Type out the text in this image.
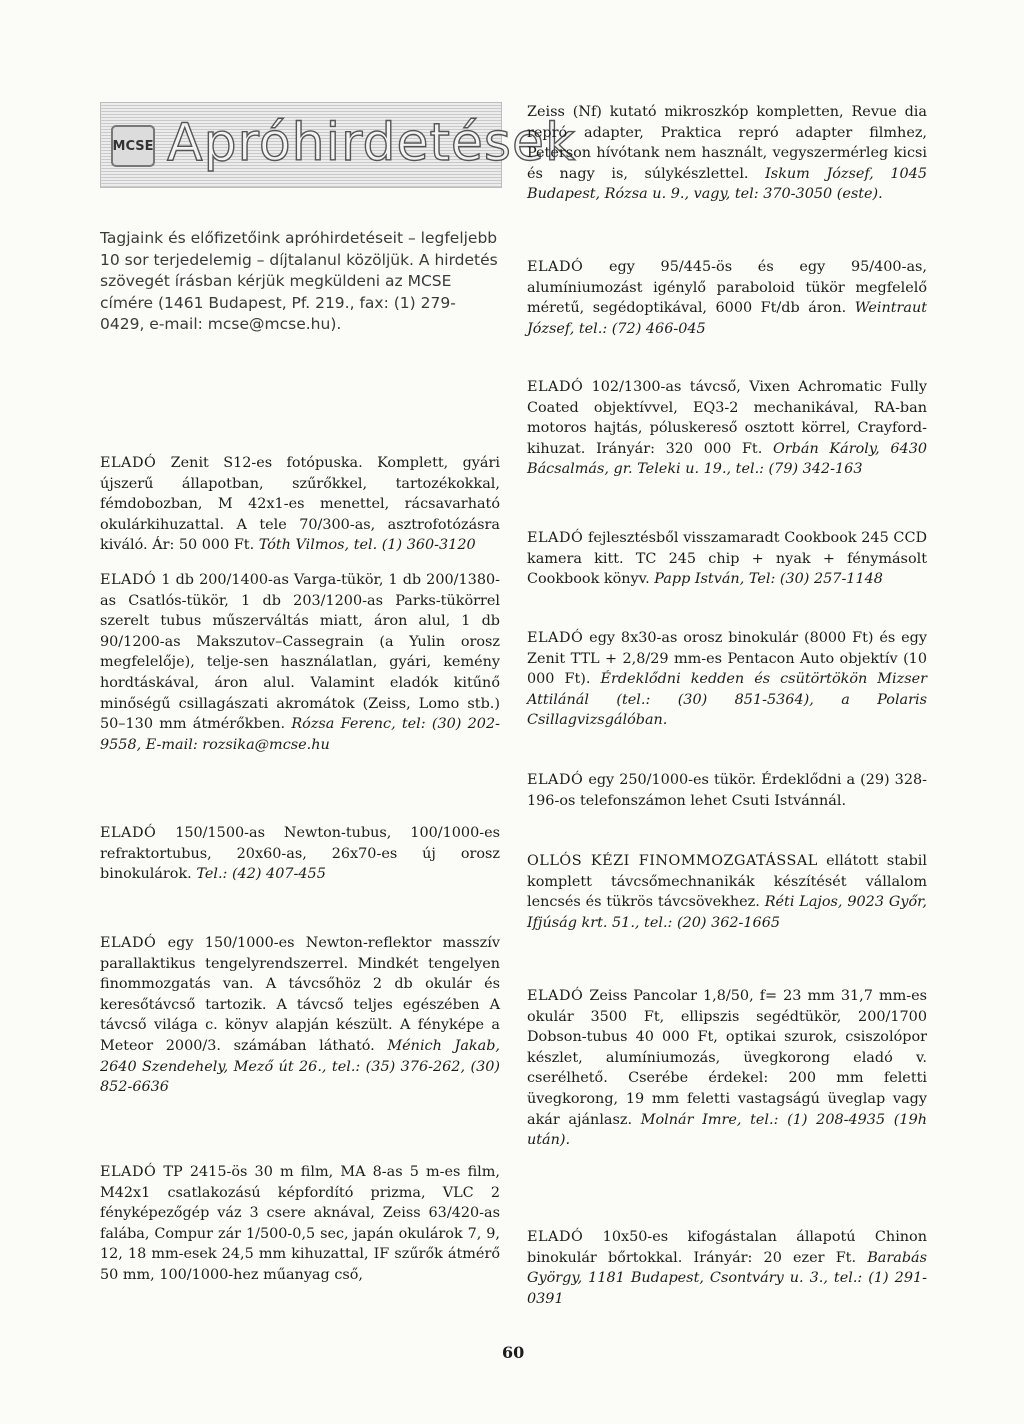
MCSE Apróhirdetések

Tagjaink és előfizetőink apróhirdetéseit – legfeljebb 10 sor terjedelemig – díjtalanul közöljük. A hirdetés szövegét írásban kérjük megküldeni az MCSE címére (1461 Budapest, Pf. 219., fax: (1) 279-0429, e-mail: mcse@mcse.hu).

ELADÓ Zenit S12-es fotópuska. Komplett, gyári újszerű állapotban, szűrőkkel, tartozékokkal, fémdobozban, M 42x1-es menettel, rácsavarható okulárkihuzattal. A tele 70/300-as, asztrofotózásra kiváló. Ár: 50 000 Ft. Tóth Vilmos, tel. (1) 360-3120

ELADÓ 1 db 200/1400-as Varga-tükör, 1 db 200/1380-as Csatlós-tükör, 1 db 203/1200-as Parks-tükörrel szerelt tubus műszerváltás miatt, áron alul, 1 db 90/1200-as Makszutov–Cassegrain (a Yulin orosz megfelelője), telje-sen használatlan, gyári, kemény hordtáskával, áron alul. Valamint eladók kitűnő minőségű csillagászati akromátok (Zeiss, Lomo stb.) 50–130 mm átmérőkben. Rózsa Ferenc, tel: (30) 202-9558, E-mail: rozsika@mcse.hu

ELADÓ 150/1500-as Newton-tubus, 100/1000-es refraktortubus, 20x60-as, 26x70-es új orosz binokulárok. Tel.: (42) 407-455

ELADÓ egy 150/1000-es Newton-reflektor masszív parallaktikus tengelyrendszerrel. Mindkét tengelyen finommozgatás van. A távcsőhöz 2 db okulár és keresőtávcső tartozik. A távcső teljes egészében A távcső világa c. könyv alapján készült. A fényképe a Meteor 2000/3. számában látható. Ménich Jakab, 2640 Szendehely, Mező út 26., tel.: (35) 376-262, (30) 852-6636

ELADÓ TP 2415-ös 30 m film, MA 8-as 5 m-es film, M42x1 csatlakozású képfordító prizma, VLC 2 fényképezőgép váz 3 csere aknával, Zeiss 63/420-as falába, Compur zár 1/500-0,5 sec, japán okulárok 7, 9, 12, 18 mm-esek 24,5 mm kihuzattal, IF szűrők átmérő 50 mm, 100/1000-hez műanyag cső,

Zeiss (Nf) kutató mikroszkóp kompletten, Revue dia repró adapter, Praktica repró adapter filmhez, Peterson hívótank nem használt, vegyszermérleg kicsi és nagy is, súlykészlettel. Iskum József, 1045 Budapest, Rózsa u. 9., vagy, tel: 370-3050 (este).

ELADÓ egy 95/445-ös és egy 95/400-as, alumíniumozást igénylő paraboloid tükör megfelelő méretű, segédoptikával, 6000 Ft/db áron. Weintraut József, tel.: (72) 466-045

ELADÓ 102/1300-as távcső, Vixen Achromatic Fully Coated objektívvel, EQ3-2 mechanikával, RA-ban motoros hajtás, póluskereső osztott körrel, Crayford-kihuzat. Irányár: 320 000 Ft. Orbán Károly, 6430 Bácsalmás, gr. Teleki u. 19., tel.: (79) 342-163

ELADÓ fejlesztésből visszamaradt Cookbook 245 CCD kamera kitt. TC 245 chip + nyak + fénymásolt Cookbook könyv. Papp István, Tel: (30) 257-1148

ELADÓ egy 8x30-as orosz binokulár (8000 Ft) és egy Zenit TTL + 2,8/29 mm-es Pentacon Auto objektív (10 000 Ft). Érdeklődni kedden és csütörtökön Mizser Attilánál (tel.: (30) 851-5364), a Polaris Csillagvizsgálóban.

ELADÓ egy 250/1000-es tükör. Érdeklődni a (29) 328-196-os telefonszámon lehet Csuti Istvánnál.

OLLÓS KÉZI FINOMMOZGATÁSSAL ellátott stabil komplett távcsőmechnanikák készítését vállalom lencsés és tükrös távcsövekhez. Réti Lajos, 9023 Győr, Ifjúság krt. 51., tel.: (20) 362-1665

ELADÓ Zeiss Pancolar 1,8/50, f= 23 mm 31,7 mm-es okulár 3500 Ft, ellipszis segédtükör, 200/1700 Dobson-tubus 40 000 Ft, optikai szurok, csiszolópor készlet, alumíniumozás, üvegkorong eladó v. cserélhető. Cserébe érdekel: 200 mm feletti üvegkorong, 19 mm feletti vastagságú üveglap vagy akár ajánlasz. Molnár Imre, tel.: (1) 208-4935 (19h után).

ELADÓ 10x50-es kifogástalan állapotú Chinon binokulár bőrtokkal. Irányár: 20 ezer Ft. Barabás György, 1181 Budapest, Csontváry u. 3., tel.: (1) 291-0391

60
